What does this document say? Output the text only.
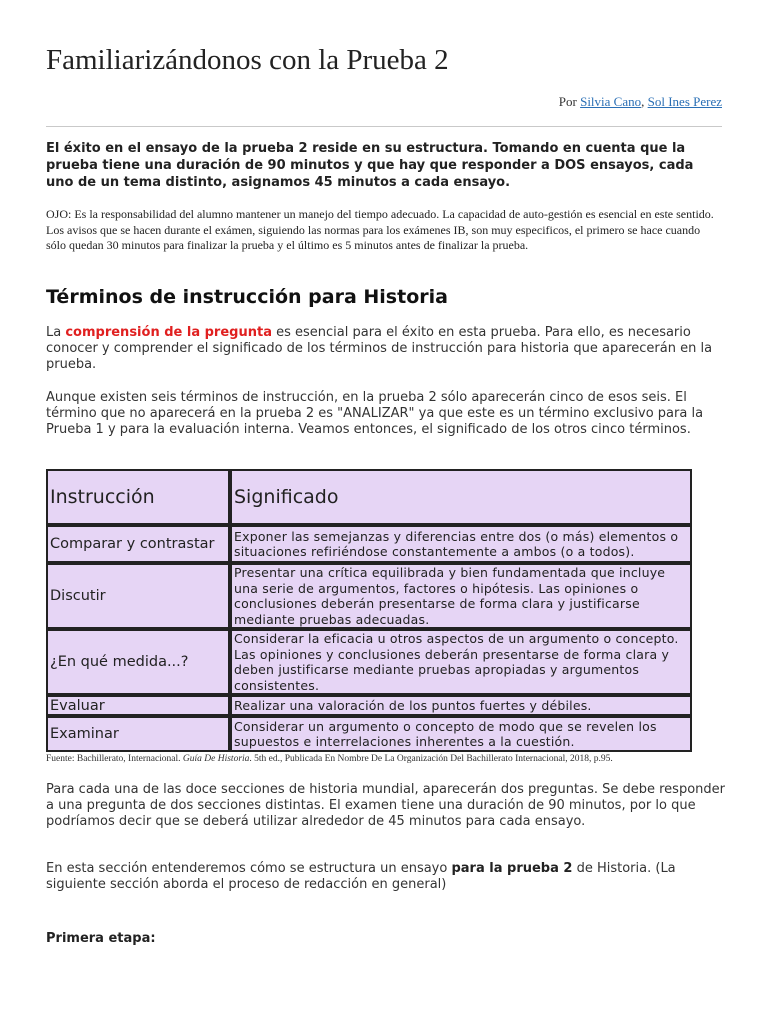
Familiarizándonos con la Prueba 2
Por Silvia Cano, Sol Ines Perez

El éxito en el ensayo de la prueba 2 reside en su estructura. Tomando en cuenta que la prueba tiene una duración de 90 minutos y que hay que responder a DOS ensayos, cada uno de un tema distinto, asignamos 45 minutos a cada ensayo.

OJO: Es la responsabilidad del alumno mantener un manejo del tiempo adecuado. La capacidad de auto-gestión es esencial en este sentido. Los avisos que se hacen durante el exámen, siguiendo las normas para los exámenes IB, son muy especificos, el primero se hace cuando sólo quedan 30 minutos para finalizar la prueba y el último es 5 minutos antes de finalizar la prueba.

Términos de instrucción para Historia

La comprensión de la pregunta es esencial para el éxito en esta prueba. Para ello, es necesario conocer y comprender el significado de los términos de instrucción para historia que aparecerán en la prueba.

Aunque existen seis términos de instrucción, en la prueba 2 sólo aparecerán cinco de esos seis. El término que no aparecerá en la prueba 2 es "ANALIZAR" ya que este es un término exclusivo para la Prueba 1 y para la evaluación interna. Veamos entonces, el significado de los otros cinco términos.

Instrucción	Significado
Comparar y contrastar	Exponer las semejanzas y diferencias entre dos (o más) elementos o situaciones refiriéndose constantemente a ambos (o a todos).
Discutir	Presentar una crítica equilibrada y bien fundamentada que incluye una serie de argumentos, factores o hipótesis. Las opiniones o conclusiones deberán presentarse de forma clara y justificarse mediante pruebas adecuadas.
¿En qué medida...?	Considerar la eficacia u otros aspectos de un argumento o concepto. Las opiniones y conclusiones deberán presentarse de forma clara y deben justificarse mediante pruebas apropiadas y argumentos consistentes.
Evaluar	Realizar una valoración de los puntos fuertes y débiles.
Examinar	Considerar un argumento o concepto de modo que se revelen los supuestos e interrelaciones inherentes a la cuestión.
Fuente: Bachillerato, Internacional. Guía De Historia. 5th ed., Publicada En Nombre De La Organización Del Bachillerato Internacional, 2018, p.95.

Para cada una de las doce secciones de historia mundial, aparecerán dos preguntas. Se debe responder a una pregunta de dos secciones distintas. El examen tiene una duración de 90 minutos, por lo que podríamos decir que se deberá utilizar alrededor de 45 minutos para cada ensayo.

En esta sección entenderemos cómo se estructura un ensayo para la prueba 2 de Historia. (La siguiente sección aborda el proceso de redacción en general)

Primera etapa:
